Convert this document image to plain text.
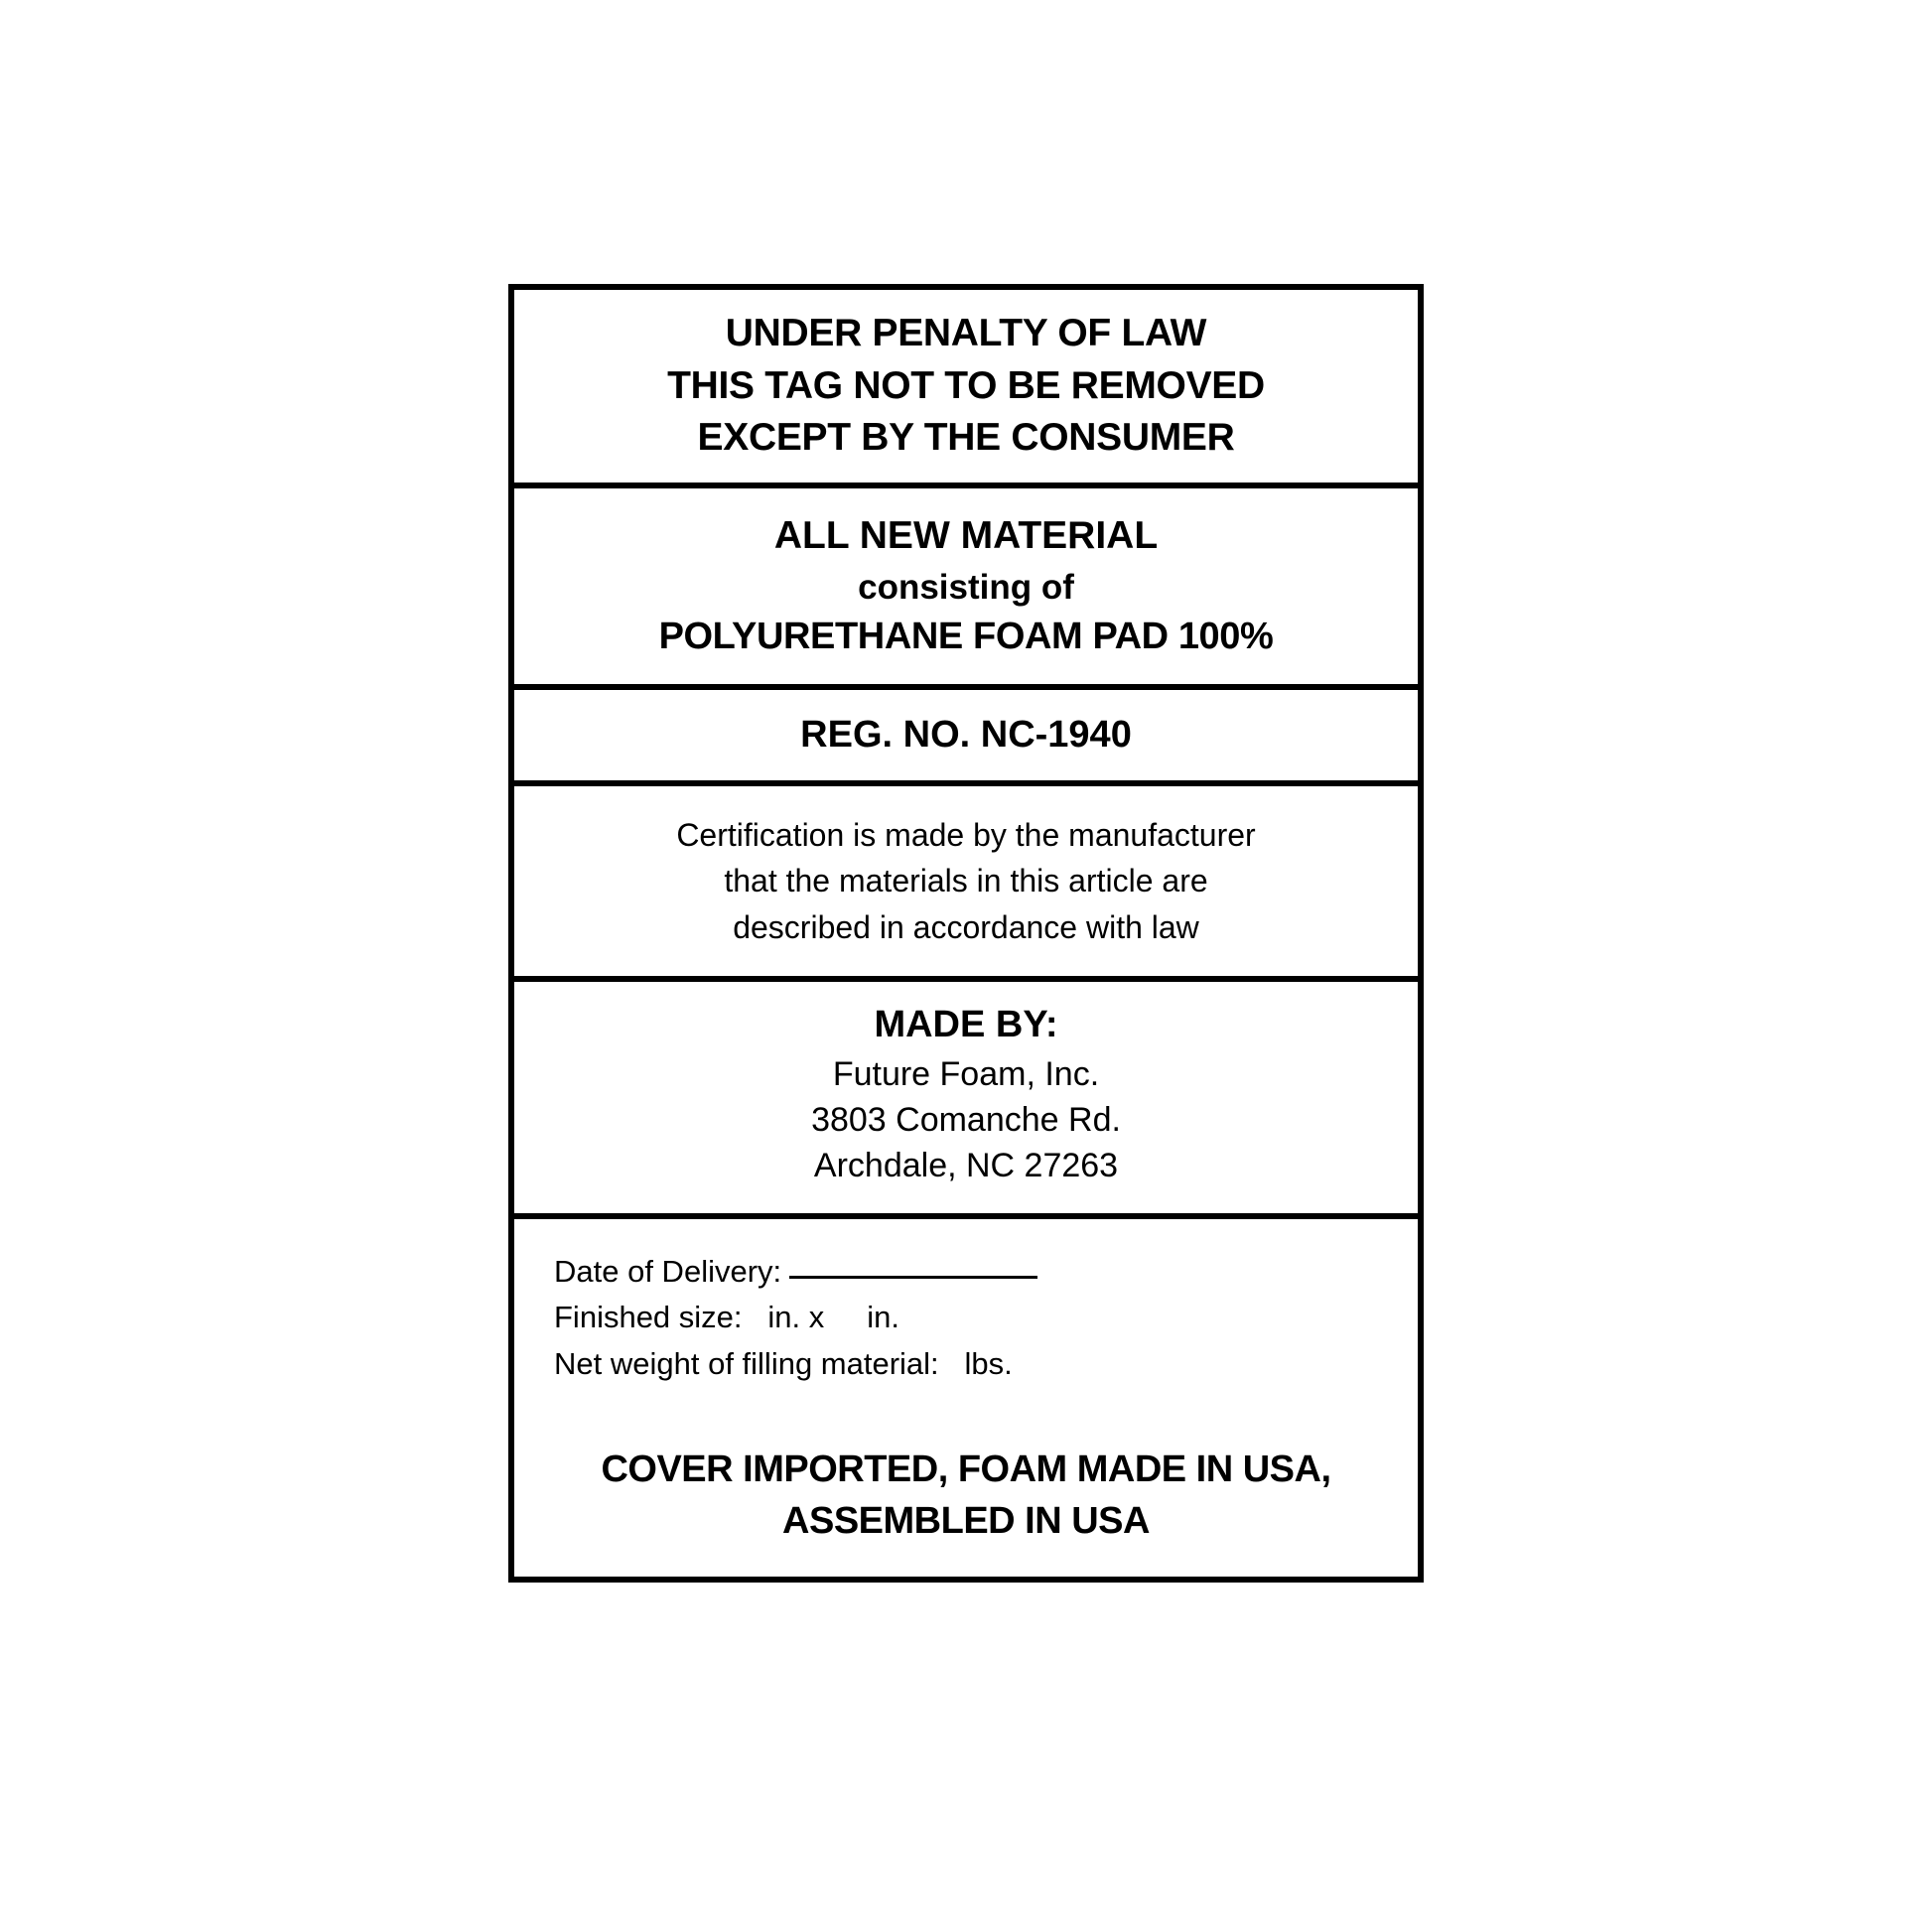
UNDER PENALTY OF LAW
THIS TAG NOT TO BE REMOVED
EXCEPT BY THE CONSUMER
ALL NEW MATERIAL
consisting of
POLYURETHANE FOAM PAD 100%
REG. NO. NC-1940
Certification is made by the manufacturer
that the materials in this article are
described in accordance with law
MADE BY:
Future Foam, Inc.
3803 Comanche Rd.
Archdale, NC 27263
Date of Delivery:
Finished size: in. x     in.
Net weight of filling material: lbs.
COVER IMPORTED, FOAM MADE IN USA,
ASSEMBLED IN USA
